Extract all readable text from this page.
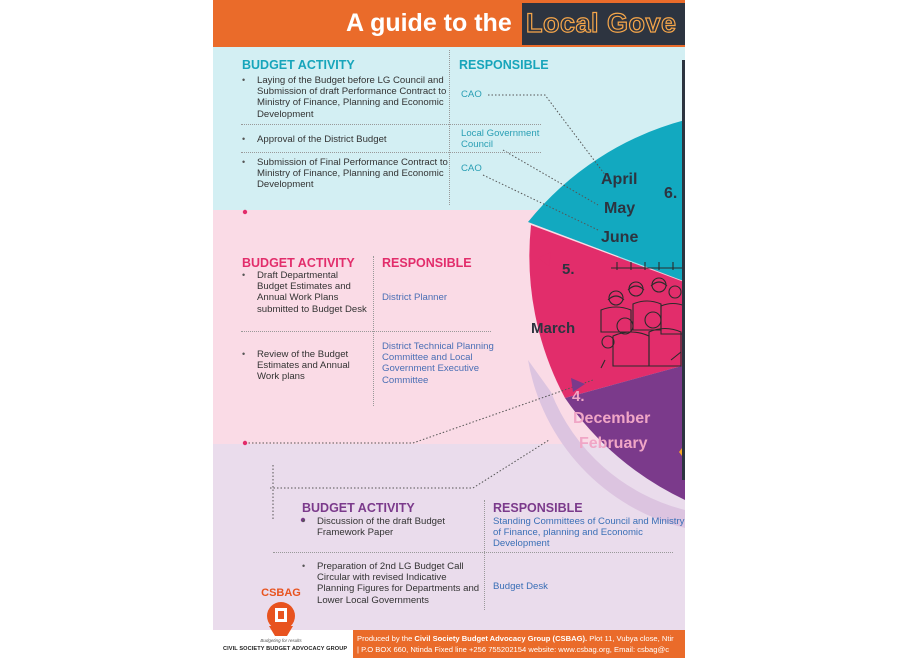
A guide to the Local Gove
April
May
June
6.
5.
March
4.
December
February
BUDGET ACTIVITY	RESPONSIBLE
• Laying of the Budget before LG Council and Submission of draft Performance Contract to Ministry of Finance, Planning and Economic Development
CAO
• Approval of the District Budget
Local Government Council
• Submission of Final Performance Contract to Ministry of Finance, Planning and Economic Development
CAO
BUDGET ACTIVITY RESPONSIBLE
• Draft Departmental Budget Estimates and Annual Work Plans submitted to Budget Desk
District Planner
• Review of the Budget Estimates and Annual Work plans
District Technical Planning Committee and Local Government Executive Committee
BUDGET ACTIVITY	RESPONSIBLE
• Discussion of the draft Budget Framework Paper
Standing Committees of Council and Ministry of Finance, planning and Economic Development
• Preparation of 2nd LG Budget Call Circular with revised Indicative Planning Figures for Departments and Lower Local Governments
Budget Desk
CSBAG
Budgeting for results
CIVIL SOCIETY BUDGET ADVOCACY GROUP
Produced by the Civil Society Budget Advocacy Group (CSBAG). Plot 11, Vubya close, Ntir
| P.O BOX 660, Ntinda Fixed line +256 755202154 website: www.csbag.org, Email: csbag@c
